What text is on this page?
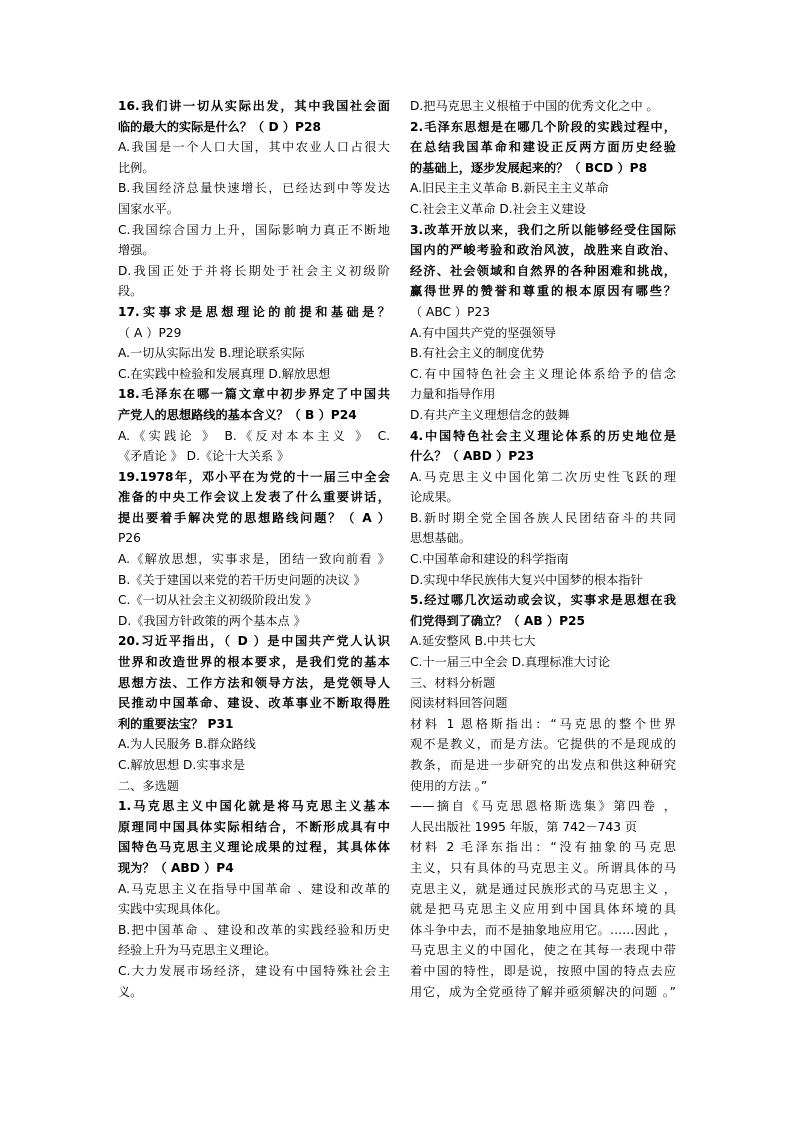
16.我们讲一切从实际出发，其中我国社会面

临的最大的实际是什么？（ D ）P28

A.我国是一个人口大国，其中农业人口占很大

比例。

B.我国经济总量快速增长，已经达到中等发达

国家水平。

C.我国综合国力上升，国际影响力真正不断地

增强。

D.我国正处于并将长期处于社会主义初级阶

段。

17.实事求是思想理论的前提和基础是？

（ A ）P29

A.一切从实际出发 B.理论联系实际

C.在实践中检验和发展真理 D.解放思想

18.毛泽东在哪一篇文章中初步界定了中国共

产党人的思想路线的基本含义？（ B ）P24

A.《实践论 》 B.《反对本本主义 》 C.

《矛盾论 》 D.《论十大关系 》

19.1978年，邓小平在为党的十一届三中全会

准备的中央工作会议上发表了什么重要讲话，

提出要着手解决党的思想路线问题？（ A ）

P26

A.《解放思想，实事求是，团结一致向前看 》

B.《关于建国以来党的若干历史问题的决议 》

C.《一切从社会主义初级阶段出发 》

D.《我国方针政策的两个基本点 》

20.习近平指出，（ D ）是中国共产党人认识

世界和改造世界的根本要求，是我们党的基本

思想方法、工作方法和领导方法，是党领导人

民推动中国革命、建设、改革事业不断取得胜

利的重要法宝？ P31

A.为人民服务 B.群众路线

C.解放思想 D.实事求是

二、多选题

1.马克思主义中国化就是将马克思主义基本

原理同中国具体实际相结合，不断形成具有中

国特色马克思主义理论成果的过程，其具体体

现为？（ ABD ）P4

A.马克思主义在指导中国革命 、建设和改革的

实践中实现具体化。

B.把中国革命 、建设和改革的实践经验和历史

经验上升为马克思主义理论。

C.大力发展市场经济，建设有中国特殊社会主

义。

D.把马克思主义根植于中国的优秀文化之中 。

2.毛泽东思想是在哪几个阶段的实践过程中，

在总结我国革命和建设正反两方面历史经验

的基础上，逐步发展起来的？（ BCD ）P8

A.旧民主主义革命 B.新民主主义革命

C.社会主义革命 D.社会主义建设

3.改革开放以来，我们之所以能够经受住国际

国内的严峻考验和政治风波，战胜来自政治、

经济、社会领域和自然界的各种困难和挑战，

赢得世界的赞誉和尊重的根本原因有哪些？

（ ABC ）P23

A.有中国共产党的坚强领导

B.有社会主义的制度优势

C.有中国特色社会主义理论体系给予的信念

力量和指导作用

D.有共产主义理想信念的鼓舞

4.中国特色社会主义理论体系的历史地位是

什么？（ ABD ）P23

A.马克思主义中国化第二次历史性飞跃的理

论成果。

B.新时期全党全国各族人民团结奋斗的共同

思想基础。

C.中国革命和建设的科学指南

D.实现中华民族伟大复兴中国梦的根本指针

5.经过哪几次运动或会议，实事求是思想在我

们党得到了确立？（ AB ）P25

A.延安整风 B.中共七大

C.十一届三中全会 D.真理标准大讨论

三、材料分析题

阅读材料回答问题

材料 1 恩格斯指出：“马克思的整个世界

观不是教义，而是方法。它提供的不是现成的

教条，而是进一步研究的出发点和供这种研究

使用的方法 。”

——摘自《马克思恩格斯选集》第四卷 ，

人民出版社 1995 年版，第 742－743 页

材料 2 毛泽东指出：“没有抽象的马克思

主义，只有具体的马克思主义。所谓具体的马

克思主义，就是通过民族形式的马克思主义 ，

就是把马克思主义应用到中国具体环境的具

体斗争中去，而不是抽象地应用它。……因此 ，

马克思主义的中国化，使之在其每一表现中带

着中国的特性，即是说，按照中国的特点去应

用它，成为全党亟待了解并亟须解决的问题 。”
